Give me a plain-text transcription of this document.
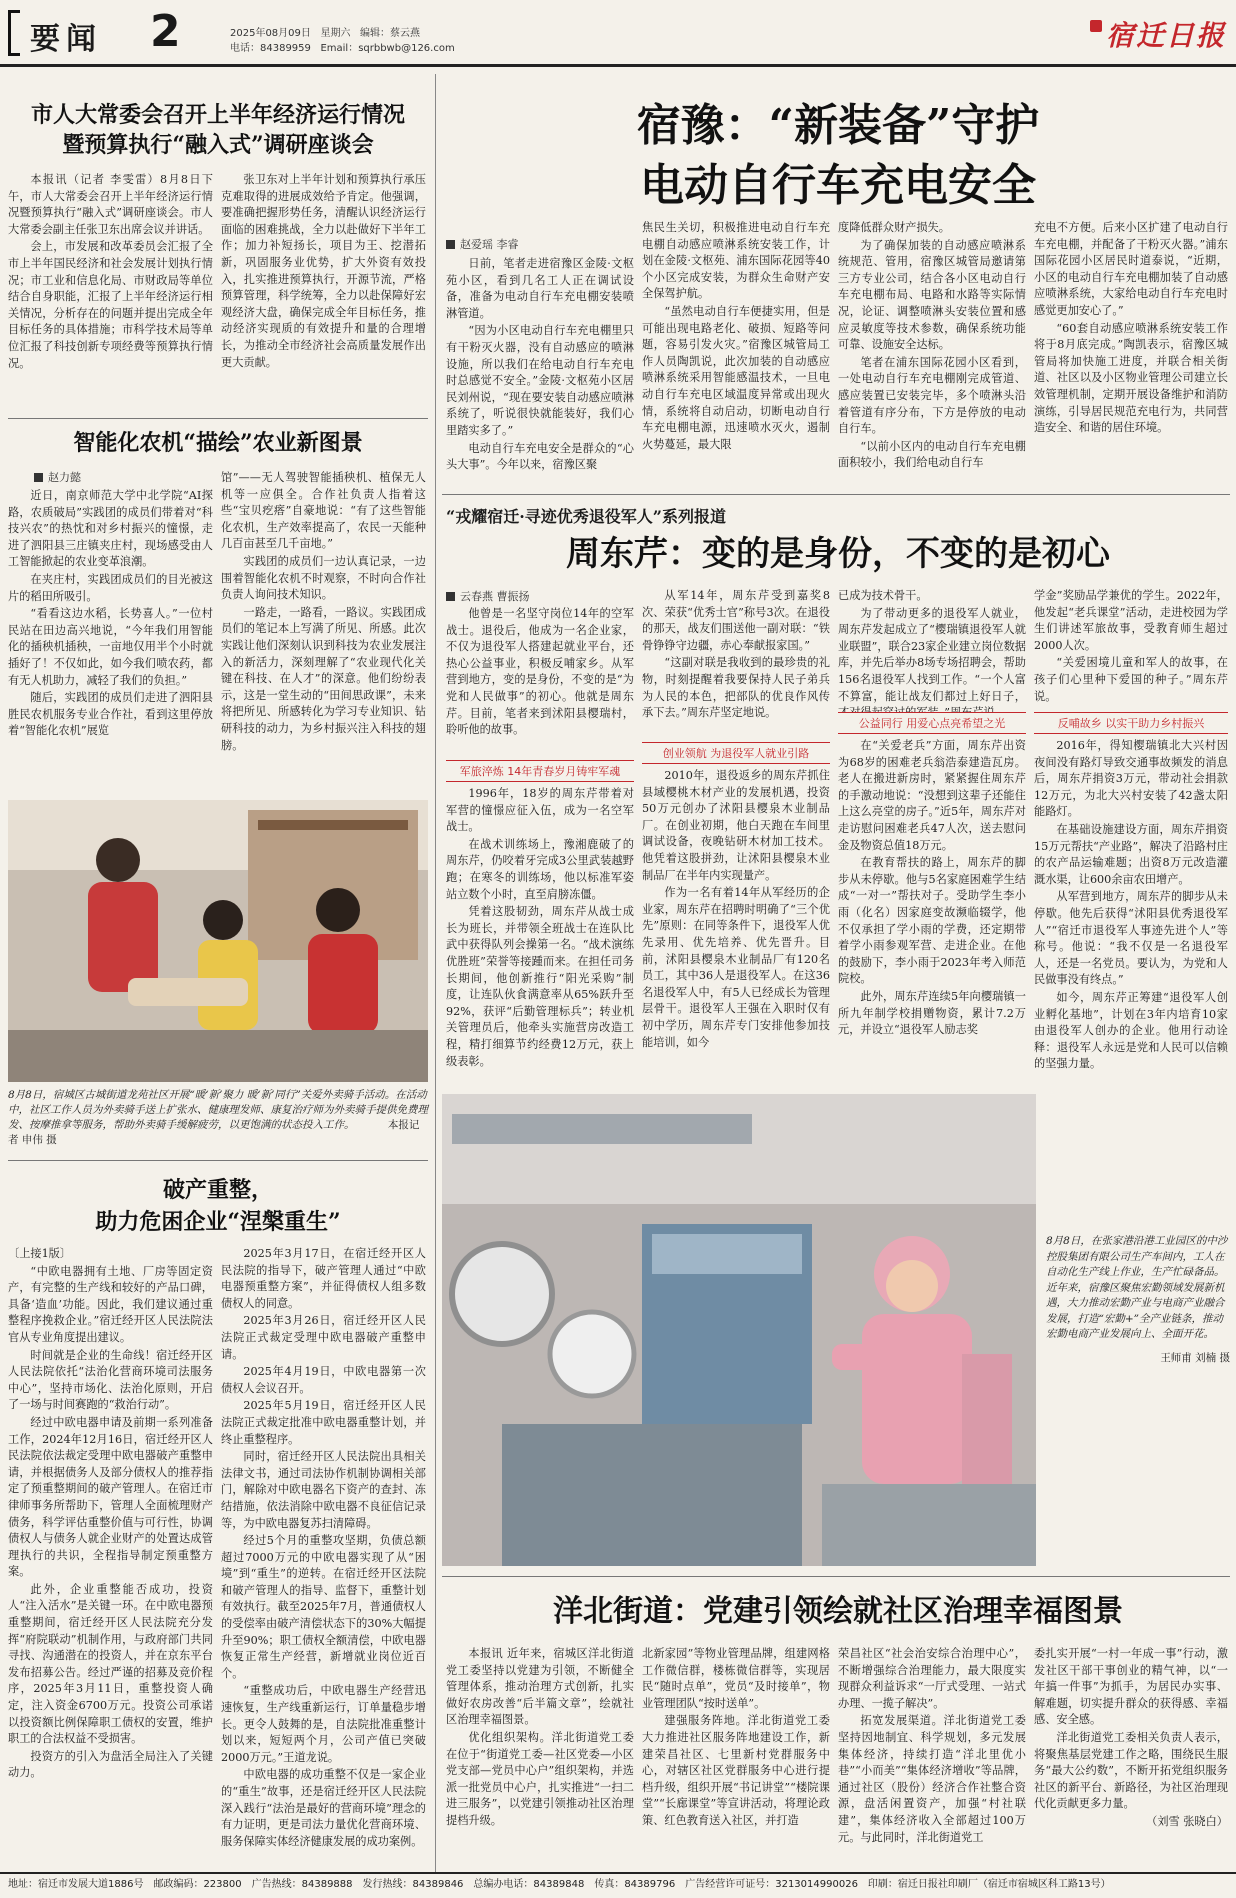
要闻 2	2025年08月09日 星期六 编辑：蔡云燕
电话：84389959 Email：sqrbbwb@126.com	宿迁日报
市人大常委会召开上半年经济运行情况
暨预算执行“融入式”调研座谈会

本报讯（记者 李雯雷）8月8日下午，市人大常委会召开上半年经济运行情况暨预算执行“融入式”调研座谈会。市人大常委会副主任张卫东出席会议并讲话。

会上，市发展和改革委员会汇报了全市上半年国民经济和社会发展计划执行情况；市工业和信息化局、市财政局等单位结合自身职能，汇报了上半年经济运行相关情况，分析存在的问题并提出完成全年目标任务的具体措施；市科学技术局等单位汇报了科技创新专项经费等预算执行情况。

张卫东对上半年计划和预算执行承压克难取得的进展成效给予肯定。他强调，要准确把握形势任务，清醒认识经济运行面临的困难挑战，全力以赴做好下半年工作；加力补短扬长，项目为王、挖潜拓新，巩固服务业优势，扩大外资有效投入，扎实推进预算执行，开源节流，严格预算管理，科学统筹，全力以赴保障好宏观经济大盘，确保完成全年目标任务，推动经济实现质的有效提升和量的合理增长，为推动全市经济社会高质量发展作出更大贡献。

智能化农机“描绘”农业新图景
赵力懿

近日，南京师范大学中北学院“AI探路，农质破局”实践团的成员们带着对“科技兴农”的热忱和对乡村振兴的憧憬，走进了泗阳县三庄镇夹庄村，现场感受由人工智能掀起的农业变革浪潮。

在夹庄村，实践团成员们的目光被这片的稻田所吸引。

“看看这边水稻，长势喜人。”一位村民站在田边高兴地说，“今年我们用智能化的插秧机插秧，一亩地仅用半个小时就插好了！不仅如此，如今我们喷农药，都有无人机助力，减轻了我们的负担。”

随后，实践团的成员们走进了泗阳县胜民农机服务专业合作社，看到这里停放着“智能化农机”展览

馆”——无人驾驶智能插秧机、植保无人机等一应俱全。合作社负责人指着这些“宝贝疙瘩”自豪地说：“有了这些智能化农机，生产效率提高了，农民一天能种几百亩甚至几千亩地。”

实践团的成员们一边认真记录，一边围着智能化农机不时观察，不时向合作社负责人询问技术知识。

一路走，一路看，一路议。实践团成员们的笔记本上写满了所见、所感。此次实践让他们深刻认识到科技为农业发展注入的新活力，深刻理解了“农业现代化关键在科技、在人才”的深意。他们纷纷表示，这是一堂生动的“田间思政课”，未来将把所见、所感转化为学习专业知识、钻研科技的动力，为乡村振兴注入科技的翅膀。

8月8日，宿城区古城街道龙苑社区开展“暖‘新’聚力 暖‘新’同行”关爱外卖骑手活动。在活动中，社区工作人员为外卖骑手送上扩张水、健康理发师、康复治疗师为外卖骑手提供免费理发、按摩推拿等服务，帮助外卖骑手缓解疲劳，以更饱满的状态投入工作。	本报记者 申伟 摄
破产重整，
助力危困企业“涅槃重生”

〔上接1版〕

“中欧电器拥有土地、厂房等固定资产，有完整的生产线和较好的产品口碑，具备‘造血’功能。因此，我们建议通过重整程序挽救企业。”宿迁经开区人民法院法官从专业角度提出建议。

时间就是企业的生命线！宿迁经开区人民法院依托“法治化营商环境司法服务中心”，坚持市场化、法治化原则，开启了一场与时间赛跑的“救治行动”。

经过中欧电器申请及前期一系列准备工作，2024年12月16日，宿迁经开区人民法院依法裁定受理中欧电器破产重整申请，并根据债务人及部分债权人的推荐指定了预重整期间的破产管理人。在宿迁市律师事务所帮助下，管理人全面梳理财产债务，科学评估重整价值与可行性，协调债权人与债务人就企业财产的处置达成管理执行的共识，全程指导制定预重整方案。

此外，企业重整能否成功，投资人“注入活水”是关键一环。在中欧电器预重整期间，宿迁经开区人民法院充分发挥“府院联动”机制作用，与政府部门共同寻找、沟通潜在的投资人，并在京东平台发布招募公告。经过严谨的招募及竞价程序，2025年3月11日，重整投资人确定，注入资金6700万元。投资公司承诺以投资额比例保障职工债权的安置，维护职工的合法权益不受损害。

投资方的引入为盘活全局注入了关键动力。

2025年3月17日，在宿迁经开区人民法院的指导下，破产管理人通过“中欧电器预重整方案”，并征得债权人组多数债权人的同意。

2025年3月26日，宿迁经开区人民法院正式裁定受理中欧电器破产重整申请。

2025年4月19日，中欧电器第一次债权人会议召开。

2025年5月19日，宿迁经开区人民法院正式裁定批准中欧电器重整计划，并终止重整程序。

同时，宿迁经开区人民法院出具相关法律文书，通过司法协作机制协调相关部门，解除对中欧电器名下资产的查封、冻结措施，依法消除中欧电器不良征信记录等，为中欧电器复苏扫清障碍。

经过5个月的重整攻坚期，负债总额超过7000万元的中欧电器实现了从“困境”到“重生”的逆转。在宿迁经开区法院和破产管理人的指导、监督下，重整计划有效执行。截至2025年7月，普通债权人的受偿率由破产清偿状态下的30%大幅提升至90%；职工债权全额清偿，中欧电器恢复正常生产经营，新增就业岗位近百个。

“重整成功后，中欧电器生产经营迅速恢复，生产线重新运行，订单量稳步增长。更令人鼓舞的是，自法院批准重整计划以来，短短两个月，公司产值已突破2000万元。”王道龙说。

中欧电器的成功重整不仅是一家企业的“重生”故事，还是宿迁经开区人民法院深入践行“法治是最好的营商环境”理念的有力证明，更是司法力量优化营商环境、服务保障实体经济健康发展的成功案例。

宿豫：“新装备”守护
电动自行车充电安全
赵爱瑶 李睿

日前，笔者走进宿豫区金陵·文枢苑小区，看到几名工人正在调试设备，准备为电动自行车充电棚安装喷淋管道。

“因为小区电动自行车充电棚里只有干粉灭火器，没有自动感应的喷淋设施，所以我们在给电动自行车充电时总感觉不安全。”金陵·文枢苑小区居民刘州说，“现在要安装自动感应喷淋系统了，听说很快就能装好，我们心里踏实多了。”

电动自行车充电安全是群众的“心头大事”。今年以来，宿豫区聚

焦民生关切，积极推进电动自行车充电棚自动感应喷淋系统安装工作，计划在金陵·文枢苑、浦东国际花园等40个小区完成安装，为群众生命财产安全保驾护航。

“虽然电动自行车便捷实用，但是可能出现电路老化、破损、短路等问题，容易引发火灾。”宿豫区城管局工作人员陶凯说，此次加装的自动感应喷淋系统采用智能感温技术，一旦电动自行车充电区域温度异常或出现火情，系统将自动启动，切断电动自行车充电棚电源，迅速喷水灭火，遏制火势蔓延，最大限

度降低群众财产损失。

为了确保加装的自动感应喷淋系统规范、管用，宿豫区城管局邀请第三方专业公司，结合各小区电动自行车充电棚布局、电路和水路等实际情况，论证、调整喷淋头安装位置和感应灵敏度等技术参数，确保系统功能可靠、设施安全达标。

笔者在浦东国际花园小区看到，一处电动自行车充电棚刚完成管道、感应装置已安装完毕，多个喷淋头沿着管道有序分布，下方是停放的电动自行车。

“以前小区内的电动自行车充电棚面积较小，我们给电动自行车

充电不方便。后来小区扩建了电动自行车充电棚，并配备了干粉灭火器。”浦东国际花园小区居民时道泰说，“近期，小区的电动自行车充电棚加装了自动感应喷淋系统，大家给电动自行车充电时感觉更加安心了。”

“60套自动感应喷淋系统安装工作将于8月底完成。”陶凯表示，宿豫区城管局将加快施工进度，并联合相关街道、社区以及小区物业管理公司建立长效管理机制，定期开展设备维护和消防演练，引导居民规范充电行为，共同营造安全、和谐的居住环境。

“戎耀宿迁·寻迹优秀退役军人”系列报道
周东芹：变的是身份，不变的是初心
云春燕 曹振扬

他曾是一名坚守岗位14年的空军战士。退役后，他成为一名企业家，不仅为退役军人搭建起就业平台，还热心公益事业，积极反哺家乡。从军营到地方，变的是身份，不变的是“为党和人民做事”的初心。他就是周东芹。目前，笔者来到沭阳县樱瑞村，聆听他的故事。

军旅淬炼 14年青春岁月铸牢军魂

1996年，18岁的周东芹带着对军营的憧憬应征入伍，成为一名空军战士。

在战术训练场上，豫湘鹿破了的周东芹，仍咬着牙完成3公里武装越野跑；在寒冬的训练场，他以标准军姿站立数个小时，直至肩膀冻僵。

凭着这股韧劲，周东芹从战士成长为班长，并带领全班战士在连队比武中获得队列会操第一名。“战术演练优胜班”荣誉等接踵而来。在担任司务长期间，他创新推行“阳光采购”制度，让连队伙食满意率从65%跃升至92%，获评“后勤管理标兵”；转业机关管理员后，他牵头实施营房改造工程，精打细算节约经费12万元，获上级表彰。

从军14年，周东芹受到嘉奖8次、荣获“优秀士官”称号3次。在退役的那天，战友们围送他一副对联：“铁骨铮铮守边疆，赤心奉献报家国。”

“这副对联是我收到的最珍贵的礼物，时刻提醒着我要保持人民子弟兵为人民的本色，把部队的优良作风传承下去。”周东芹坚定地说。

创业领航 为退役军人就业引路

2010年，退役返乡的周东芹抓住县域樱桃木材产业的发展机遇，投资50万元创办了沭阳县樱泉木业制品厂。在创业初期，他白天跑在车间里调试设备，夜晚钻研木材加工技术。他凭着这股拼劲，让沭阳县樱泉木业制品厂在半年内实现量产。

作为一名有着14年从军经历的企业家，周东芹在招聘时明确了“三个优先”原则：在同等条件下，退役军人优先录用、优先培养、优先晋升。目前，沭阳县樱泉木业制品厂有120名员工，其中36人是退役军人。在这36名退役军人中，有5人已经成长为管理层骨干。退役军人王强在入职时仅有初中学历，周东芹专门安排他参加技能培训，如今

已成为技术骨干。

为了带动更多的退役军人就业，周东芹发起成立了“樱瑞镇退役军人就业联盟”，联合23家企业建立岗位数据库，并先后举办8场专场招聘会，帮助156名退役军人找到工作。“一个人富不算富，能让战友们都过上好日子，

公益同行 用爱心点亮希望之光

在“关爱老兵”方面，周东芹出资为68岁的困难老兵翁浩泰建造瓦房。老人在搬进新房时，紧紧握住周东芹的手激动地说：“没想到这辈子还能住上这么亮堂的房子。”近5年，周东芹对走访慰问困难老兵47人次，送去慰问金及物资总值18万元。

在教育帮扶的路上，周东芹的脚步从未停歇。他与5名家庭困难学生结成“一对一”帮扶对子。受助学生李小雨（化名）因家庭变故濒临辍学，他不仅承担了学小雨的学费，还定期带着学小雨参观军营、走进企业。在他的鼓励下，李小雨于2023年考入师范院校。

此外，周东芹连续5年向樱瑞镇一所九年制学校捐赠物资，累计7.2万元，并设立“退役军人励志奖

学金”奖励品学兼优的学生。2022年，他发起“老兵课堂”活动，走进校园为学生们讲述军旅故事，受教育师生超过2000人次。

“关爱困境儿童和军人的故事，在孩子们心里种下爱国的种子。”周东芹说。

反哺故乡 以实干助力乡村振兴

2016年，得知樱瑞镇北大兴村因夜间没有路灯导致交通事故频发的消息后，周东芹捐资3万元，带动社会捐款12万元，为北大兴村安装了42盏太阳能路灯。

在基础设施建设方面，周东芹捐资15万元帮扶“产业路”，解决了沿路村庄的农产品运输难题；出资8万元改造灌溉水渠，让600余亩农田增产。

从军营到地方，周东芹的脚步从未停歇。他先后获得“沭阳县优秀退役军人”“宿迁市退役军人事迹先进个人”等称号。他说：“我不仅是一名退役军人，还是一名党员。要认为，为党和人民做事没有终点。”

如今，周东芹正筹建“退役军人创业孵化基地”，计划在3年内培育10家由退役军人创办的企业。他用行动诠释：退役军人永远是党和人民可以信赖的坚强力量。

8月8日，在张家港沿港工业园区的中沙控股集团有限公司生产车间内，工人在自动化生产线上作业，生产忙碌备品。近年来，宿豫区聚焦宏勤领域发展新机遇，大力推动宏勤产业与电商产业融合发展，打造“宏勤+”全产业链条，推动宏勤电商产业发展向上、全面开花。
王师甫 刘楠 摄
洋北街道：党建引领绘就社区治理幸福图景

本报讯 近年来，宿城区洋北街道党工委坚持以党建为引领，不断健全管理体系，推动治理方式创新，扎实做好农房改善“后半篇文章”，绘就社区治理幸福图景。

优化组织架构。洋北街道党工委在位于“街道党工委—社区党委—小区党支部—党员中心户”组织架构，并选派一批党员中心户，扎实推进“一扫二进三服务”，以党建引领推动社区治理提档升级。

北新家园”等物业管理品牌，组建网格工作微信群，楼栋微信群等，实现居民“随时点单”，党员“及时接单”，物业管理团队“按时送单”。

建强服务阵地。洋北街道党工委大力推进社区服务阵地建设工作，新建荣昌社区、七里新村党群服务中心，对辖区社区党群服务中心进行提档升级，组织开展“书记讲堂”“楼院课堂”“长廊课堂”等宣讲活动，将理论政策、红色教育送入社区，并打造

荣昌社区“社会治安综合治理中心”，不断增强综合治理能力，最大限度实现群众利益诉求“一厅式受理、一站式办理、一揽子解决”。

拓宽发展渠道。洋北街道党工委坚持因地制宜、科学规划，多元发展集体经济，持续打造“洋北里优小巷”“小而美”“集体经济增收”等品牌，通过社区（股份）经济合作社整合资源，盘活闲置资产，加强“村社联建”，集体经济收入全部超过100万元。与此同时，洋北街道党工

委扎实开展“一村一年成一事”行动，激发社区干部干事创业的精气神，以“一年搞一件事”为抓手，为居民办实事、解难题，切实提升群众的获得感、幸福感、安全感。

洋北街道党工委相关负责人表示，将聚焦基层党建工作之略，围绕民生服务“最大公约数”，不断开拓党组织服务社区的新平台、新路径，为社区治理现代化贡献更多力量。

（刘雪 张晓白）

地址：宿迁市发展大道1886号　邮政编码：223800　广告热线：84389888　发行热线：84389846　总编办电话：84389848　传真：84389796　广告经营许可证号：3213014990026　印刷：宿迁日报社印刷厂（宿迁市宿城区科工路13号）
